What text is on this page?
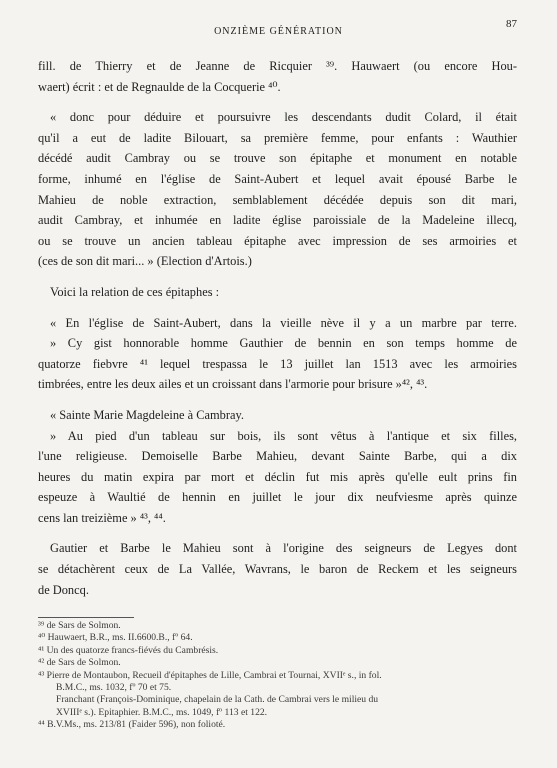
87
ONZIÈME GÉNÉRATION
fill. de Thierry et de Jeanne de Ricquier ³⁹. Hauwaert (ou encore Hou-
waert) écrit : et de Regnaulde de la Cocquerie ⁴⁰.
« donc pour déduire et poursuivre les descendants dudit Colard, il était
qu'il a eut de ladite Bilouart, sa première femme, pour enfants : Wauthier
décédé audit Cambray ou se trouve son épitaphe et monument en notable
forme, inhumé en l'église de Saint-Aubert et lequel avait épousé Barbe le
Mahieu de noble extraction, semblablement décédée depuis son dit mari,
audit Cambray, et inhumée en ladite église paroissiale de la Madeleine illecq,
ou se trouve un ancien tableau épitaphe avec impression de ses armoiries et
(ces de son dit mari... » (Election d'Artois.)
Voici la relation de ces épitaphes :
« En l'église de Saint-Aubert, dans la vieille nève il y a un marbre par terre.
» Cy gist honnorable homme Gauthier de bennin en son temps homme de
quatorze fiebvre ⁴¹ lequel trespassa le 13 juillet lan 1513 avec les armoiries
timbrées, entre les deux ailes et un croissant dans l'armorie pour brisure »⁴², ⁴³.
« Sainte Marie Magdeleine à Cambray.
» Au pied d'un tableau sur bois, ils sont vêtus à l'antique et six filles,
l'une religieuse. Demoiselle Barbe Mahieu, devant Sainte Barbe, qui a dix
heures du matin expira par mort et déclin fut mis après qu'elle eult prins fin
espeuze à Waultié de hennin en juillet le jour dix neufviesme après quinze
cens lan treizième » ⁴³, ⁴⁴.
Gautier et Barbe le Mahieu sont à l'origine des seigneurs de Legyes dont
se détachèrent ceux de La Vallée, Wavrans, le baron de Reckem et les seigneurs
de Doncq.
³⁹ de Sars de Solmon.
⁴⁰ Hauwaert, B.R., ms. II.6600.B., fº 64.
⁴¹ Un des quatorze francs-fiévés du Cambrésis.
⁴² de Sars de Solmon.
⁴³ Pierre de Montaubon, Recueil d'épitaphes de Lille, Cambrai et Tournai, XVIIᵉ s., in fol.
B.M.C., ms. 1032, fº 70 et 75.
Franchant (François-Dominique, chapelain de la Cath. de Cambrai vers le milieu du
XVIIIᵉ s.). Epitaphier. B.M.C., ms. 1049, fº 113 et 122.
⁴⁴ B.V.Ms., ms. 213/81 (Faider 596), non folioté.
